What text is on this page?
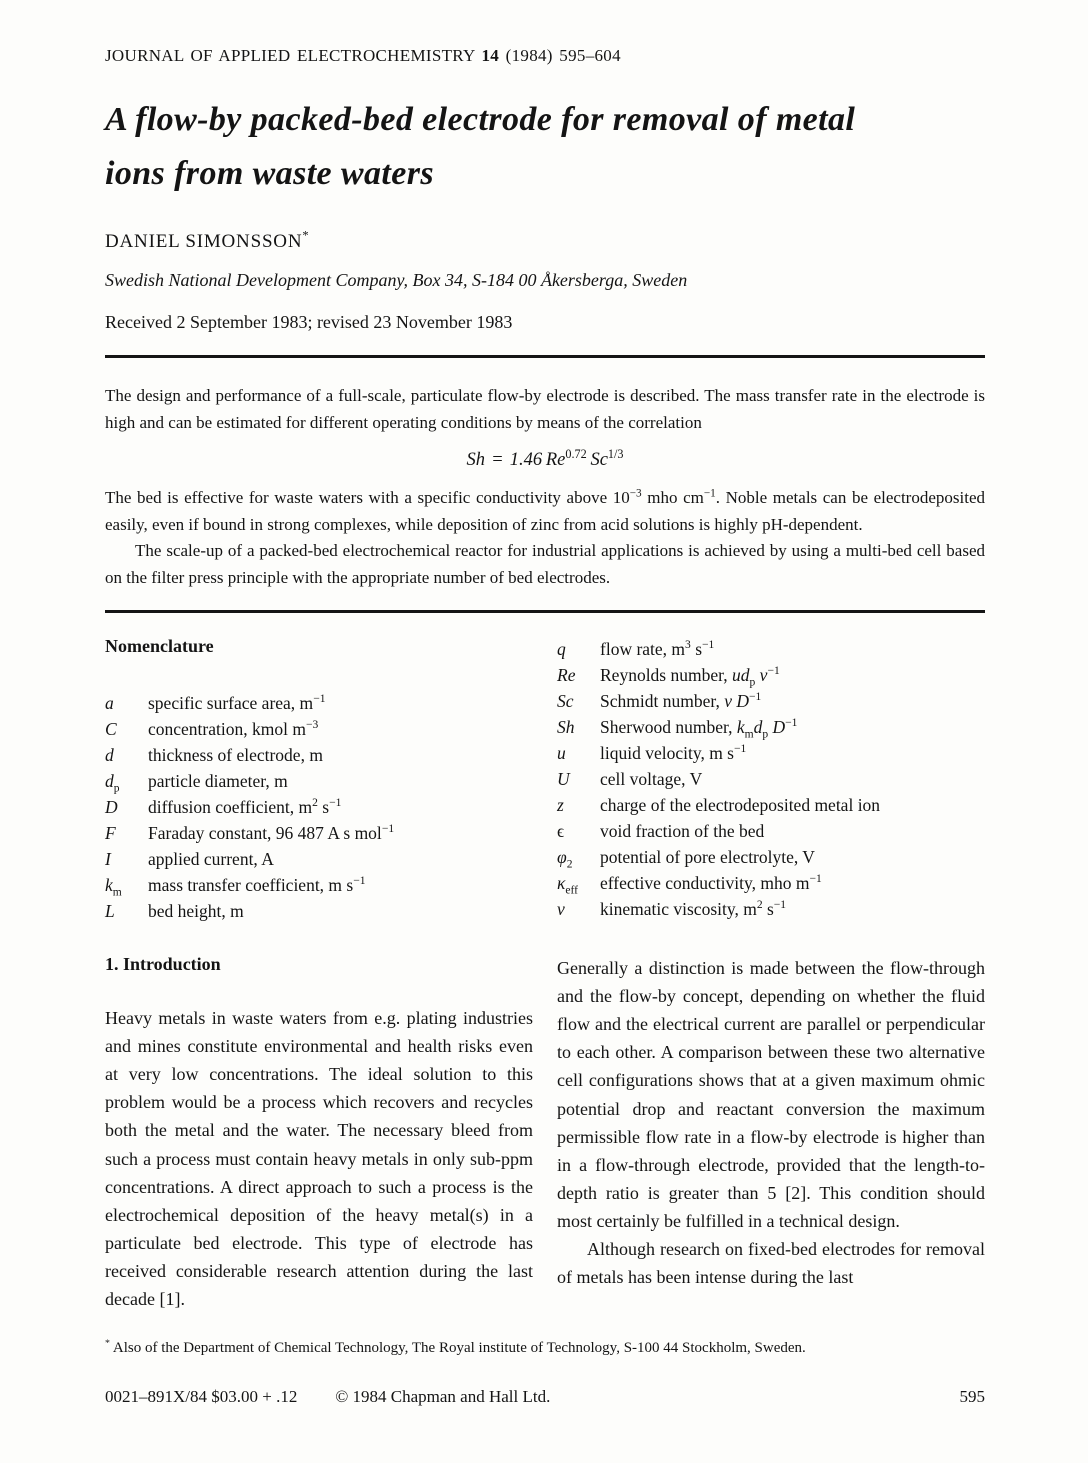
JOURNAL OF APPLIED ELECTROCHEMISTRY 14 (1984) 595–604
A flow-by packed-bed electrode for removal of metal
ions from waste waters
DANIEL SIMONSSON*
Swedish National Development Company, Box 34, S-184 00 Åkersberga, Sweden
Received 2 September 1983; revised 23 November 1983

The design and performance of a full-scale, particulate flow-by electrode is described. The mass transfer rate in the electrode is high and can be estimated for different operating conditions by means of the correlation

Sh = 1.46 $Re^{0.72}$ $Sc^{1/3}$

The bed is effective for waste waters with a specific conductivity above $10^{-3}$ mho $cm^{-1}$. Noble metals can be electrodeposited easily, even if bound in strong complexes, while deposition of zinc from acid solutions is highly pH-dependent.

The scale-up of a packed-bed electrochemical reactor for industrial applications is achieved by using a multi-bed cell based on the filter press principle with the appropriate number of bed electrodes.

Nomenclature
a	specific surface area, $m^{-1}$
C	concentration, kmol $m^{-3}$
d	thickness of electrode, m
$d_p$	particle diameter, m
D	diffusion coefficient, $m^2$ $s^{-1}$
F	Faraday constant, 96 487 A s mol$^{-1}$
I	applied current, A
$k_m$	mass transfer coefficient, m $s^{-1}$
L	bed height, m
q	flow rate, $m^3$ $s^{-1}$
Re	Reynolds number, $ud_p$ $\nu^{-1}$
Sc	Schmidt number, ν $D^{-1}$
Sh	Sherwood number, $k_md_p$ $D^{-1}$
u	liquid velocity, m $s^{-1}$
U	cell voltage, V
z	charge of the electrodeposited metal ion
ϵ	void fraction of the bed
$\varphi_2$	potential of pore electrolyte, V
$\kappa_{eff}$	effective conductivity, mho $m^{-1}$
ν	kinematic viscosity, $m^2$ $s^{-1}$
1. Introduction

Heavy metals in waste waters from e.g. plating industries and mines constitute environmental and health risks even at very low concentrations. The ideal solution to this problem would be a process which recovers and recycles both the metal and the water. The necessary bleed from such a process must contain heavy metals in only sub-ppm concentrations. A direct approach to such a process is the electrochemical deposition of the heavy metal(s) in a particulate bed electrode. This type of electrode has received considerable research attention during the last decade [1].

Generally a distinction is made between the flow-through and the flow-by concept, depending on whether the fluid flow and the electrical current are parallel or perpendicular to each other. A comparison between these two alternative cell configurations shows that at a given maximum ohmic potential drop and reactant conversion the maximum permissible flow rate in a flow-by electrode is higher than in a flow-through electrode, provided that the length-to-depth ratio is greater than 5 [2]. This condition should most certainly be fulfilled in a technical design.

Although research on fixed-bed electrodes for removal of metals has been intense during the last

* Also of the Department of Chemical Technology, The Royal institute of Technology, S-100 44 Stockholm, Sweden.
0021–891X/84 $03.00 + .12 © 1984 Chapman and Hall Ltd.	595
